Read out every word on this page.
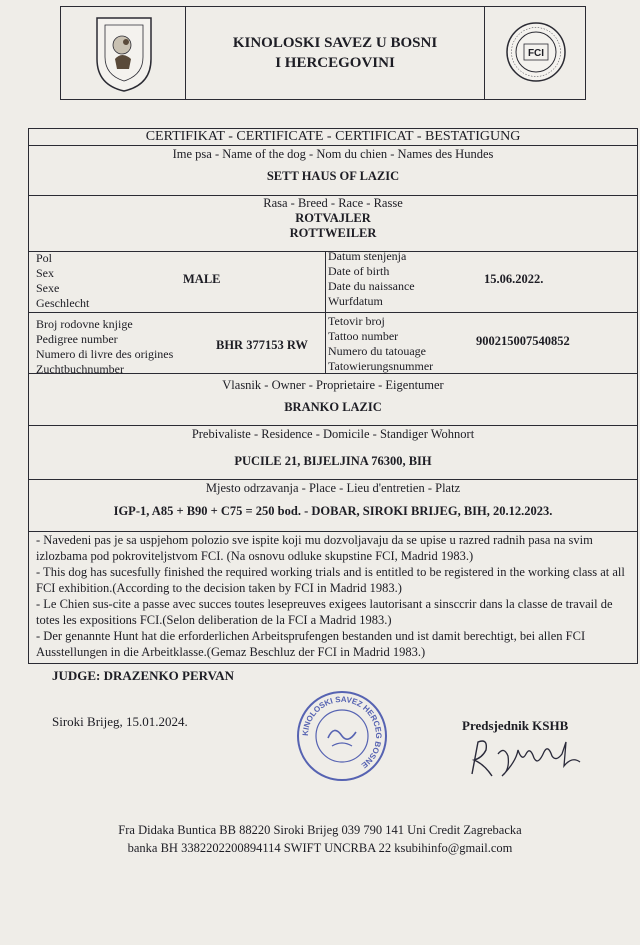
KINOLOSKI SAVEZ U BOSNI
I HERCEGOVINI
FCI
CERTIFIKAT - CERTIFICATE - CERTIFICAT - BESTATIGUNG
Ime psa - Name of the dog - Nom du chien - Names des Hundes
SETT HAUS OF LAZIC
Rasa - Breed - Race - Rasse
ROTVAJLER
ROTTWEILER
Pol
Sex
Sexe
Geschlecht
MALE
Datum stenjenja
Date of birth
Date du naissance
Wurfdatum
15.06.2022.
Broj rodovne knjige
Pedigree number
Numero di livre des origines
Zuchtbuchnumber
BHR 377153 RW
Tetovir broj
Tattoo number
Numero du tatouage
Tatowierungsnummer
900215007540852
Vlasnik - Owner - Proprietaire - Eigentumer
BRANKO LAZIC
Prebivaliste - Residence - Domicile - Standiger Wohnort
PUCILE 21, BIJELJINA 76300, BIH
Mjesto odrzavanja - Place - Lieu d'entretien - Platz
IGP-1, A85 + B90 + C75 = 250 bod. - DOBAR, SIROKI BRIJEG, BIH, 20.12.2023.
- Navedeni pas je sa uspjehom polozio sve ispite koji mu dozvoljavaju da se upise u razred radnih pasa na svim izlozbama pod pokroviteljstvom FCI. (Na osnovu odluke skupstine FCI, Madrid 1983.)
- This dog has sucesfully finished the required working trials and is entitled to be registered in the working class at all FCI exhibition.(According to the decision taken by FCI in Madrid 1983.)
- Le Chien sus-cite a passe avec succes toutes lesepreuves exigees lautorisant a sinsccrir dans la classe de travail de totes les expositions FCI.(Selon deliberation de la FCI a Madrid 1983.)
- Der genannte Hunt hat die erforderlichen Arbeitsprufengen bestanden und ist damit berechtigt, bei allen FCI Ausstellungen in die Arbeitklasse.(Gemaz Beschluz der FCI in Madrid 1983.)
JUDGE: DRAZENKO PERVAN
Siroki Brijeg, 15.01.2024.
KINOLOSKI SAVEZ HERCEG BOSNE
Predsjednik KSHB
Fra Didaka Buntica BB 88220 Siroki Brijeg 039 790 141 Uni Credit Zagrebacka
banka BH 3382202200894114 SWIFT UNCRBA 22 ksubihinfo@gmail.com
